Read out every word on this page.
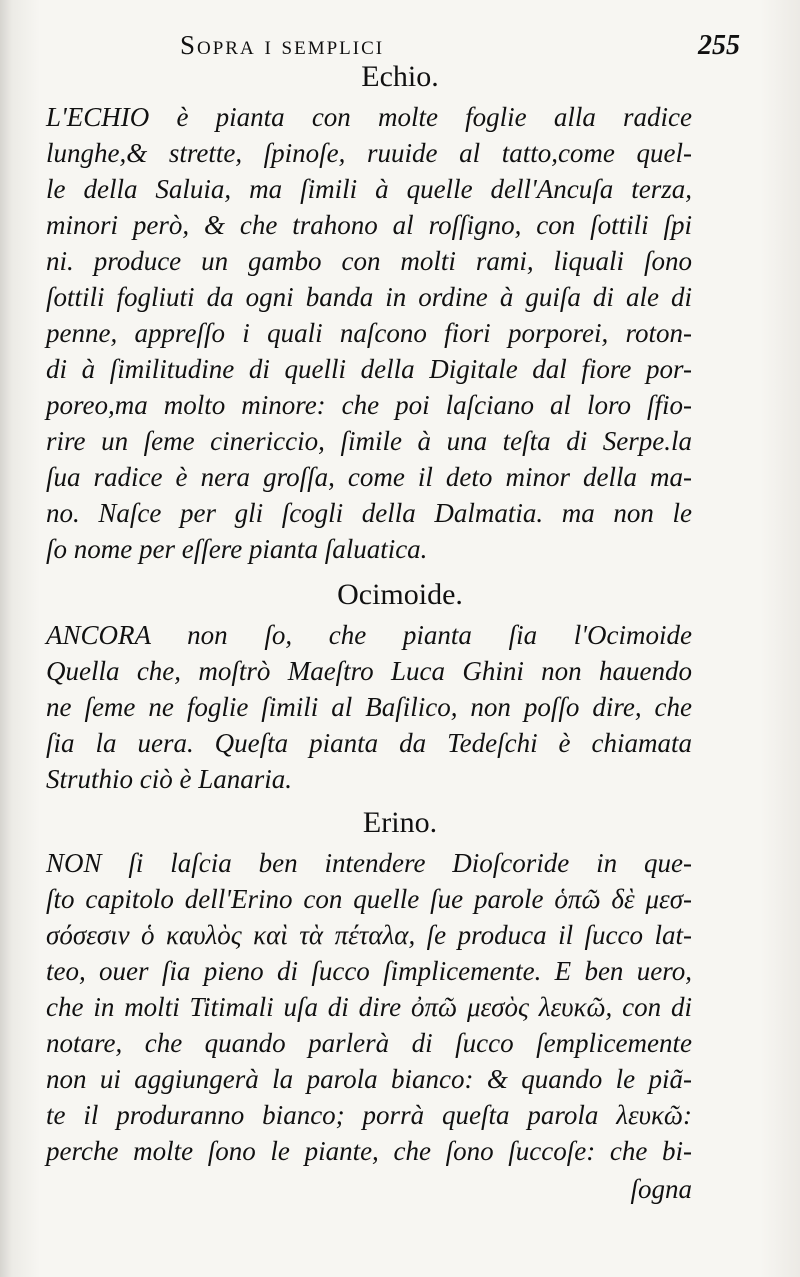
Sopra i semplici	255
Echio.
L'ECHIO è pianta con molte foglie alla radice
lunghe,& strette, ſpinoſe, ruuide al tatto,come quel-
le della Saluia, ma ſimili à quelle dell'Ancuſa terza,
minori però, & che trahono al roſſigno, con ſottili ſpi
ni. produce un gambo con molti rami, liquali ſono
ſottili fogliuti da ogni banda in ordine à guiſa di ale di
penne, appreſſo i quali naſcono fiori porporei, roton-
di à ſimilitudine di quelli della Digitale dal fiore por-
poreo,ma molto minore: che poi laſciano al loro ſfio-
rire un ſeme cinericcio, ſimile à una teſta di Serpe.la
ſua radice è nera groſſa, come il deto minor della ma-
no. Naſce per gli ſcogli della Dalmatia. ma non le
ſo nome per eſſere pianta ſaluatica.
Ocimoide.
ANCORA non ſo, che pianta ſia l'Ocimoide
Quella che, moſtrò Maeſtro Luca Ghini non hauendo
ne ſeme ne foglie ſimili al Baſilico, non poſſo dire, che
ſia la uera. Queſta pianta da Tedeſchi è chiamata
Struthio ciò è Lanaria.
Erino.
NON ſi laſcia ben intendere Dioſcoride in que-
ſto capitolo dell'Erino con quelle ſue parole ὁπῶ δὲ μεσ-
σόσεσιν ὁ καυλὸς καὶ τὰ πέταλα, ſe produca il ſucco lat-
teo, ouer ſia pieno di ſucco ſimplicemente. E ben uero,
che in molti Titimali uſa di dire ὀπῶ μεσὸς λευκῶ, con di
notare, che quando parlerà di ſucco ſemplicemente
non ui aggiungerà la parola bianco: & quando le piã-
te il produranno bianco; porrà queſta parola λευκῶ:
perche molte ſono le piante, che ſono ſuccoſe: che bi-
ſogna
